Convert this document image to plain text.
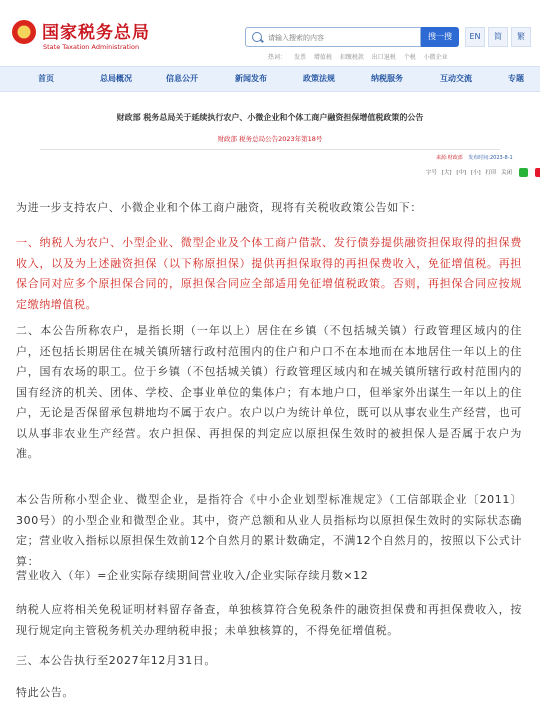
国家税务总局
State Taxation Administration
请输入搜索的内容
搜一搜	EN	简	繁
热词： 发票 增值税 扣缴税款 出口退税 个税 小微企业
首页	总局概况	信息公开	新闻发布	政策法规	纳税服务	互动交流	专题
财政部 税务总局关于延续执行农户、小微企业和个体工商户融资担保增值税政策的公告
财政部 税务总局公告2023年第18号
来源:财政部 发布时间:2023-8-1
字号 [大] [中] [小] 打印 关闭

为进一步支持农户、小微企业和个体工商户融资，现将有关税收政策公告如下：

一、纳税人为农户、小型企业、微型企业及个体工商户借款、发行债券提供融资担保取得的担保费收入，以及为上述融资担保（以下称原担保）提供再担保取得的再担保费收入，免征增值税。再担保合同对应多个原担保合同的，原担保合同应全部适用免征增值税政策。否则，再担保合同应按规定缴纳增值税。

二、本公告所称农户，是指长期（一年以上）居住在乡镇（不包括城关镇）行政管理区域内的住户，还包括长期居住在城关镇所辖行政村范围内的住户和户口不在本地而在本地居住一年以上的住户，国有农场的职工。位于乡镇（不包括城关镇）行政管理区域内和在城关镇所辖行政村范围内的国有经济的机关、团体、学校、企事业单位的集体户；有本地户口，但举家外出谋生一年以上的住户，无论是否保留承包耕地均不属于农户。农户以户为统计单位，既可以从事农业生产经营，也可以从事非农业生产经营。农户担保、再担保的判定应以原担保生效时的被担保人是否属于农户为准。

本公告所称小型企业、微型企业，是指符合《中小企业划型标准规定》（工信部联企业〔2011〕300号）的小型企业和微型企业。其中，资产总额和从业人员指标均以原担保生效时的实际状态确定；营业收入指标以原担保生效前12个自然月的累计数确定，不满12个自然月的，按照以下公式计算：

营业收入（年）=企业实际存续期间营业收入/企业实际存续月数×12

纳税人应将相关免税证明材料留存备查，单独核算符合免税条件的融资担保费和再担保费收入，按现行规定向主管税务机关办理纳税申报；未单独核算的，不得免征增值税。

三、本公告执行至2027年12月31日。

特此公告。
